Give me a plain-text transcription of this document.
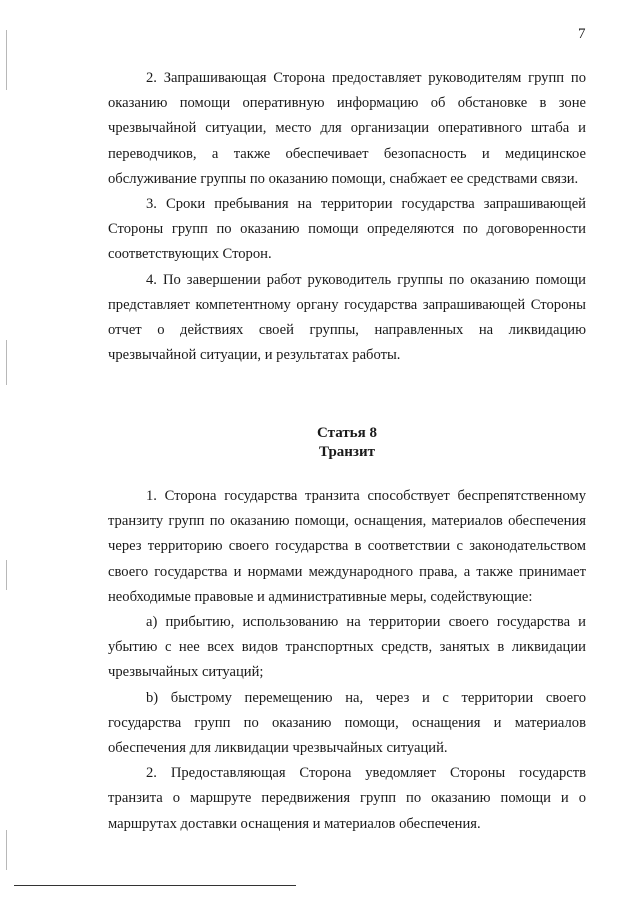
7

2. Запрашивающая Сторона предоставляет руководителям групп по оказанию помощи оперативную информацию об обстановке в зоне чрезвычайной ситуации, место для организации оперативного штаба и переводчиков, а также обеспечивает безопасность и медицинское обслуживание группы по оказанию помощи, снабжает ее средствами связи.

3. Сроки пребывания на территории государства запрашивающей Стороны групп по оказанию помощи определяются по договоренности соответствующих Сторон.

4. По завершении работ руководитель группы по оказанию помощи представляет компетентному органу государства запрашивающей Стороны отчет о действиях своей группы, направленных на ликвидацию чрезвычайной ситуации, и результатах работы.

Статья 8
Транзит

1. Сторона государства транзита способствует беспрепятственному транзиту групп по оказанию помощи, оснащения, материалов обеспечения через территорию своего государства в соответствии с законодательством своего государства и нормами международного права, а также принимает необходимые правовые и административные меры, содействующие:

a) прибытию, использованию на территории своего государства и убытию с нее всех видов транспортных средств, занятых в ликвидации чрезвычайных ситуаций;

b) быстрому перемещению на, через и с территории своего государства групп по оказанию помощи, оснащения и материалов обеспечения для ликвидации чрезвычайных ситуаций.

2. Предоставляющая Сторона уведомляет Стороны государств транзита о маршруте передвижения групп по оказанию помощи и о маршрутах доставки оснащения и материалов обеспечения.
